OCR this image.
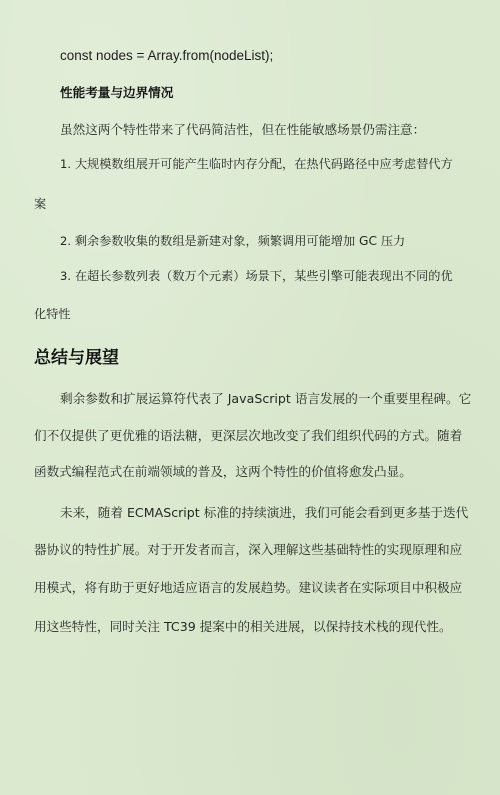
const nodes = Array.from(nodeList);
性能考量与边界情况
虽然这两个特性带来了代码简洁性，但在性能敏感场景仍需注意：
1. 大规模数组展开可能产生临时内存分配，在热代码路径中应考虑替代方
案
2. 剩余参数收集的数组是新建对象，频繁调用可能增加 GC 压力
3. 在超长参数列表（数万个元素）场景下，某些引擎可能表现出不同的优
化特性
总结与展望
剩余参数和扩展运算符代表了 JavaScript 语言发展的一个重要里程碑。它
们不仅提供了更优雅的语法糖，更深层次地改变了我们组织代码的方式。随着
函数式编程范式在前端领域的普及，这两个特性的价值将愈发凸显。
未来，随着 ECMAScript 标准的持续演进，我们可能会看到更多基于迭代
器协议的特性扩展。对于开发者而言，深入理解这些基础特性的实现原理和应
用模式，将有助于更好地适应语言的发展趋势。建议读者在实际项目中积极应
用这些特性，同时关注 TC39 提案中的相关进展，以保持技术栈的现代性。
